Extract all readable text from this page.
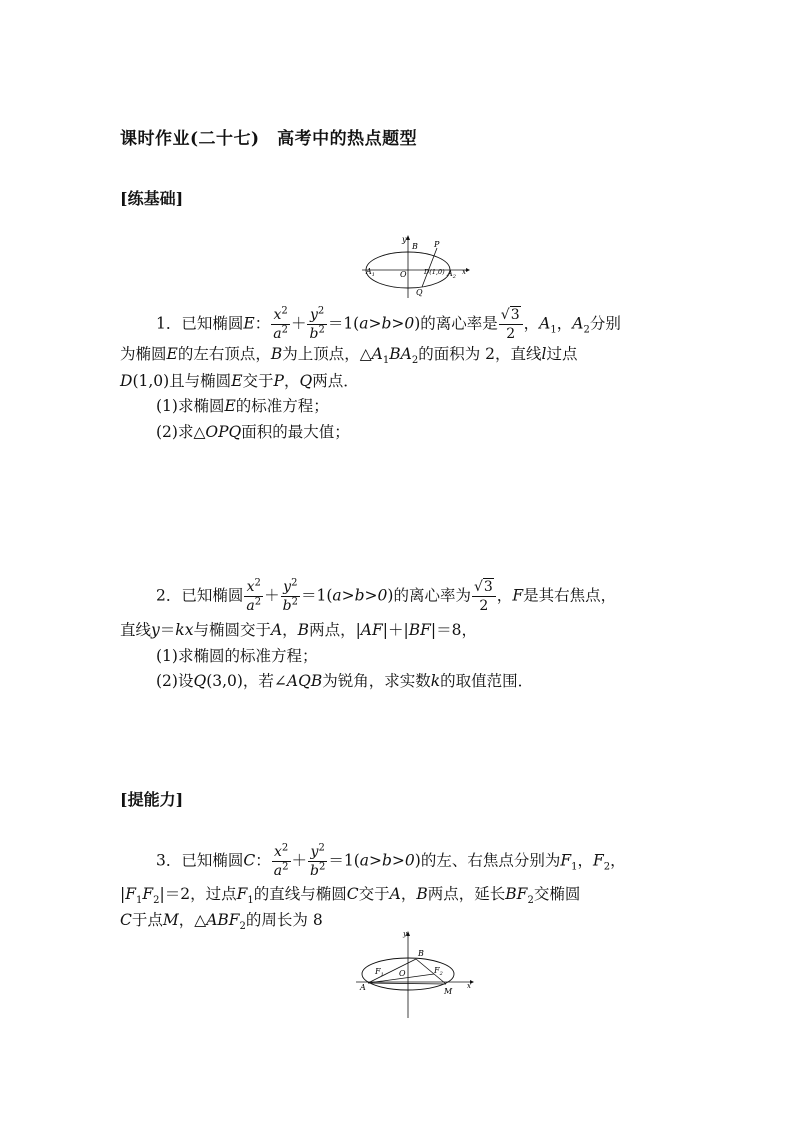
课时作业(二十七)　高考中的热点题型
[练基础]
y
B P
$A_1$	O	D(1,0) $A_2$
x
Q
1．已知椭圆E： $\frac{x^2}{a^2} + \frac{y^2}{b^2} =1(a>b>0)$的离心率是 $\frac{√3}{2}$ ，$A_1$，$A_2$分别
为椭圆E的左右顶点，B为上顶点，$\triangle A_1BA_2$的面积为 2，直线l过点
D(1,0)且与椭圆E交于P，Q两点．
(1)求椭圆E的标准方程；
(2)求△OPQ面积的最大值；
2．已知椭圆 $\frac{x^2}{a^2} + \frac{y^2}{b^2} =1(a>b>0)$的离心率为 $\frac{√3}{2}$ ，F是其右焦点，
直线y＝kx与椭圆交于A，B两点，|AF|＋|BF|＝8，
(1)求椭圆的标准方程；
(2)设Q(3,0)，若∠AQB为锐角，求实数k的取值范围．
[提能力]
3．已知椭圆C： $\frac{x^2}{a^2} + \frac{y^2}{b^2} =1(a>b>0)$的左、右焦点分别为$F_1$，$F_2$，
$|F_1F_2|=2$，过点$F_1$的直线与椭圆C交于A，B两点，延长$BF_2$交椭圆
C于点M，$\triangle ABF_2$的周长为 8
y
B
$F_1$ O	$F_2$
A	M
x
